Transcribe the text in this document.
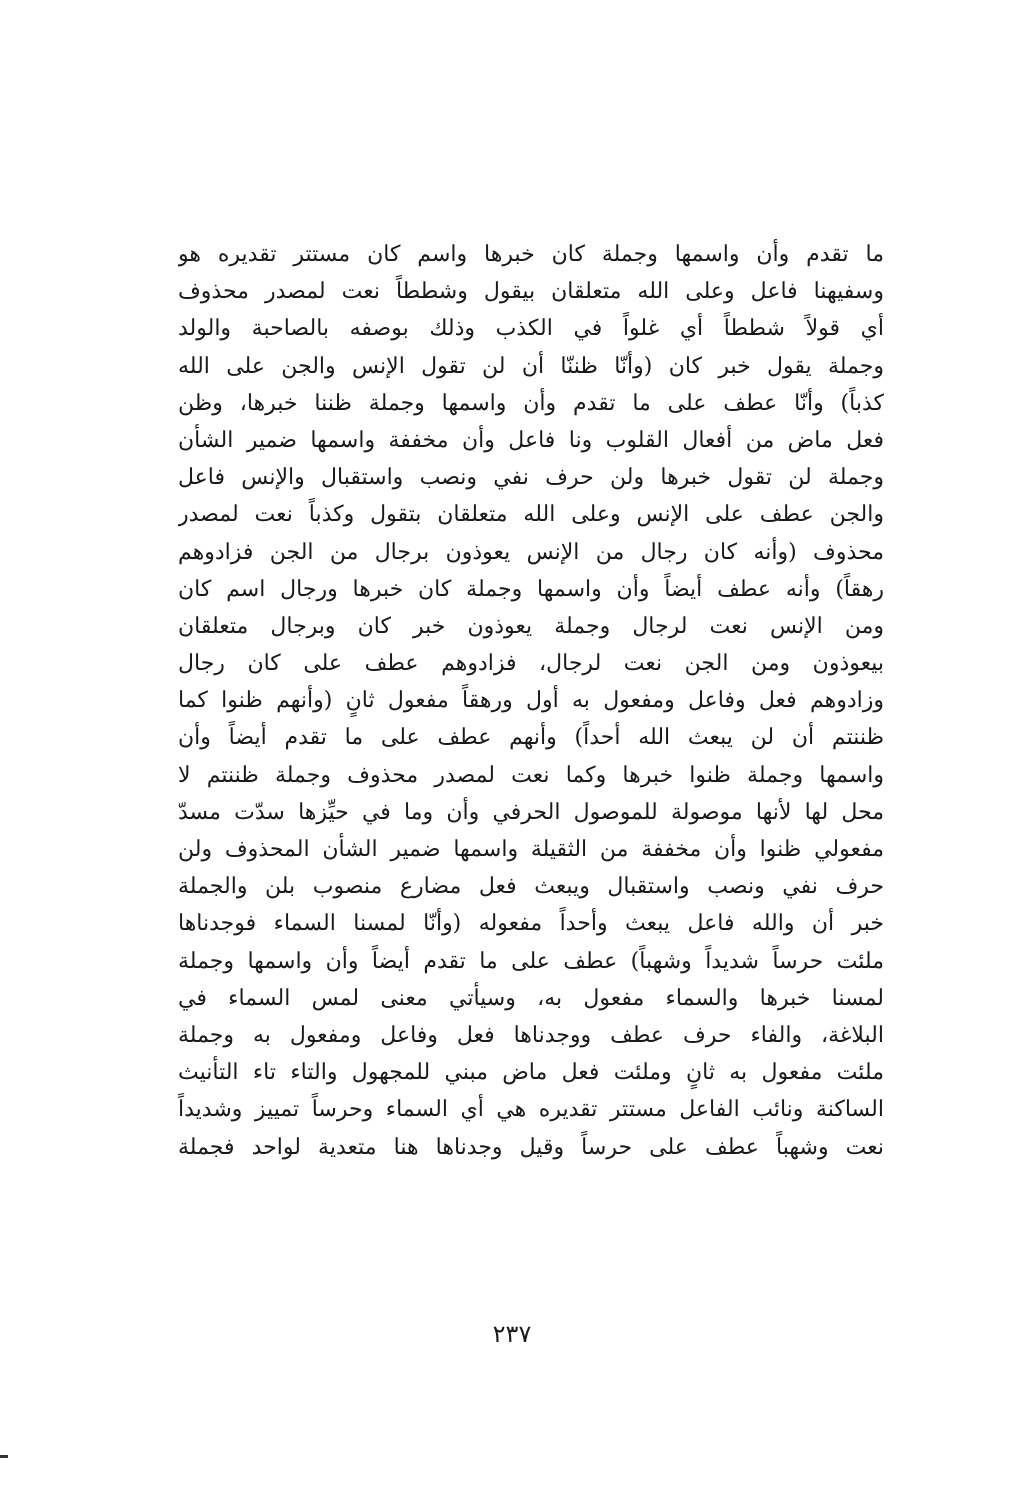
ما تقدم وأن واسمها وجملة كان خبرها واسم كان مستتر تقديره هو
وسفيهنا فاعل وعلى الله متعلقان بيقول وشططاً نعت لمصدر محذوف
أي قولاً شططاً أي غلواً في الكذب وذلك بوصفه بالصاحبة والولد
وجملة يقول خبر كان (وأنّا ظننّا أن لن تقول الإنس والجن على الله
كذباً) وأنّا عطف على ما تقدم وأن واسمها وجملة ظننا خبرها، وظن
فعل ماض من أفعال القلوب ونا فاعل وأن مخففة واسمها ضمير الشأن
وجملة لن تقول خبرها ولن حرف نفي ونصب واستقبال والإنس فاعل
والجن عطف على الإنس وعلى الله متعلقان بتقول وكذباً نعت لمصدر
محذوف (وأنه كان رجال من الإنس يعوذون برجال من الجن فزادوهم
رهقاً) وأنه عطف أيضاً وأن واسمها وجملة كان خبرها ورجال اسم كان
ومن الإنس نعت لرجال وجملة يعوذون خبر كان وبرجال متعلقان
بيعوذون ومن الجن نعت لرجال، فزادوهم عطف على كان رجال
وزادوهم فعل وفاعل ومفعول به أول ورهقاً مفعول ثانٍ (وأنهم ظنوا كما
ظننتم أن لن يبعث الله أحداً) وأنهم عطف على ما تقدم أيضاً وأن
واسمها وجملة ظنوا خبرها وكما نعت لمصدر محذوف وجملة ظننتم لا
محل لها لأنها موصولة للموصول الحرفي وأن وما في حيِّزها سدّت مسدّ
مفعولي ظنوا وأن مخففة من الثقيلة واسمها ضمير الشأن المحذوف ولن
حرف نفي ونصب واستقبال ويبعث فعل مضارع منصوب بلن والجملة
خبر أن والله فاعل يبعث وأحداً مفعوله (وأنّا لمسنا السماء فوجدناها
ملئت حرساً شديداً وشهباً) عطف على ما تقدم أيضاً وأن واسمها وجملة
لمسنا خبرها والسماء مفعول به، وسيأتي معنى لمس السماء في
البلاغة، والفاء حرف عطف ووجدناها فعل وفاعل ومفعول به وجملة
ملئت مفعول به ثانٍ وملئت فعل ماض مبني للمجهول والتاء تاء التأنيث
الساكنة ونائب الفاعل مستتر تقديره هي أي السماء وحرساً تمييز وشديداً
نعت وشهباً عطف على حرساً وقيل وجدناها هنا متعدية لواحد فجملة
٢٣٧
